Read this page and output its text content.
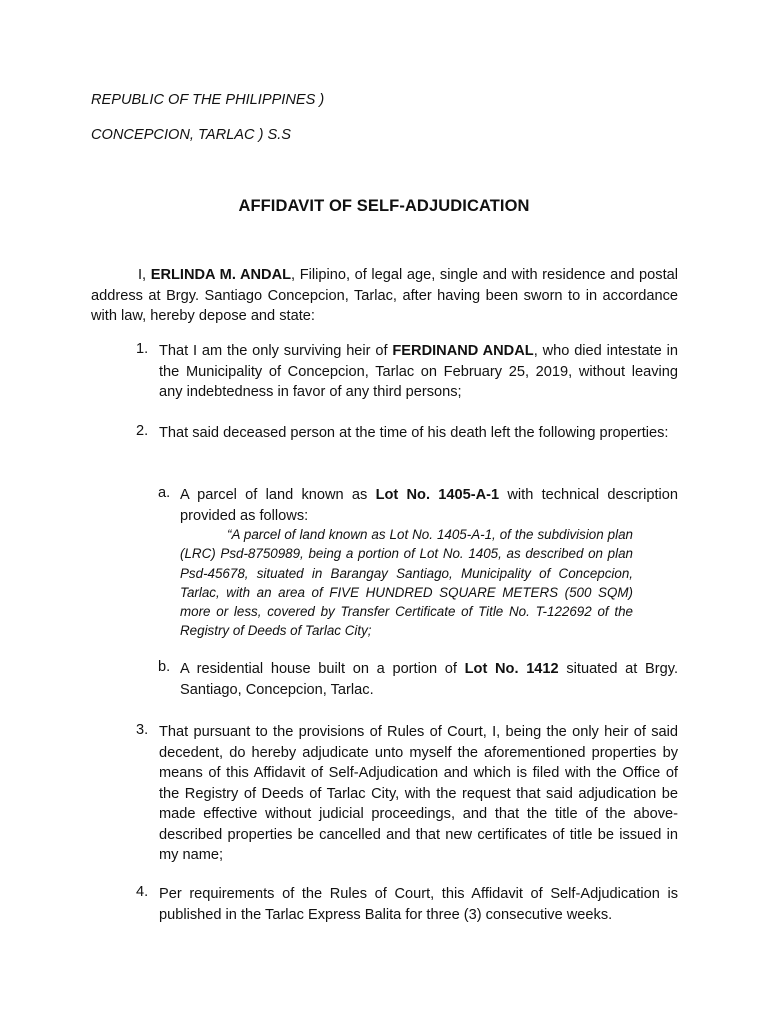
REPUBLIC OF THE PHILIPPINES )
CONCEPCION, TARLAC ) S.S
AFFIDAVIT OF SELF-ADJUDICATION
I, ERLINDA M. ANDAL, Filipino, of legal age, single and with residence and postal address at Brgy. Santiago Concepcion, Tarlac, after having been sworn to in accordance with law, hereby depose and state:
1. That I am the only surviving heir of FERDINAND ANDAL, who died intestate in the Municipality of Concepcion, Tarlac on February 25, 2019, without leaving any indebtedness in favor of any third persons;
2. That said deceased person at the time of his death left the following properties:
a. A parcel of land known as Lot No. 1405-A-1 with technical description provided as follows:
“A parcel of land known as Lot No. 1405-A-1, of the subdivision plan (LRC) Psd-8750989, being a portion of Lot No. 1405, as described on plan Psd-45678, situated in Barangay Santiago, Municipality of Concepcion, Tarlac, with an area of FIVE HUNDRED SQUARE METERS (500 SQM) more or less, covered by Transfer Certificate of Title No. T-122692 of the Registry of Deeds of Tarlac City;
b. A residential house built on a portion of Lot No. 1412 situated at Brgy. Santiago, Concepcion, Tarlac.
3. That pursuant to the provisions of Rules of Court, I, being the only heir of said decedent, do hereby adjudicate unto myself the aforementioned properties by means of this Affidavit of Self-Adjudication and which is filed with the Office of the Registry of Deeds of Tarlac City, with the request that said adjudication be made effective without judicial proceedings, and that the title of the above-described properties be cancelled and that new certificates of title be issued in my name;
4. Per requirements of the Rules of Court, this Affidavit of Self-Adjudication is published in the Tarlac Express Balita for three (3) consecutive weeks.
